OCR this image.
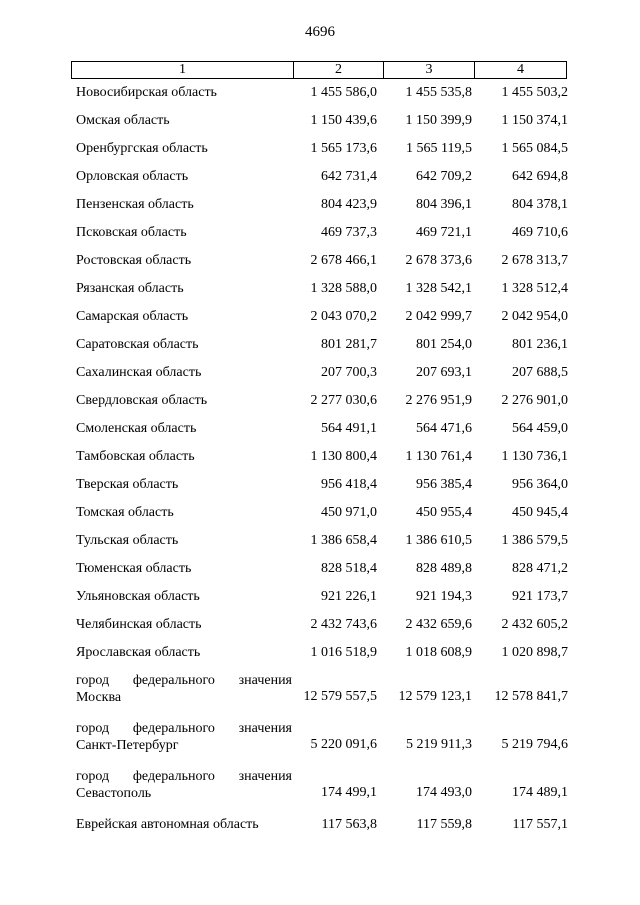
4696
1	2	3	4
Новосибирская область	1 455 586,0	1 455 535,8	1 455 503,2
Омская область	1 150 439,6	1 150 399,9	1 150 374,1
Оренбургская область	1 565 173,6	1 565 119,5	1 565 084,5
Орловская область	642 731,4	642 709,2	642 694,8
Пензенская область	804 423,9	804 396,1	804 378,1
Псковская область	469 737,3	469 721,1	469 710,6
Ростовская область	2 678 466,1	2 678 373,6	2 678 313,7
Рязанская область	1 328 588,0	1 328 542,1	1 328 512,4
Самарская область	2 043 070,2	2 042 999,7	2 042 954,0
Саратовская область	801 281,7	801 254,0	801 236,1
Сахалинская область	207 700,3	207 693,1	207 688,5
Свердловская область	2 277 030,6	2 276 951,9	2 276 901,0
Смоленская область	564 491,1	564 471,6	564 459,0
Тамбовская область	1 130 800,4	1 130 761,4	1 130 736,1
Тверская область	956 418,4	956 385,4	956 364,0
Томская область	450 971,0	450 955,4	450 945,4
Тульская область	1 386 658,4	1 386 610,5	1 386 579,5
Тюменская область	828 518,4	828 489,8	828 471,2
Ульяновская область	921 226,1	921 194,3	921 173,7
Челябинская область	2 432 743,6	2 432 659,6	2 432 605,2
Ярославская область	1 016 518,9	1 018 608,9	1 020 898,7
город федерального значения
Москва	12 579 557,5	12 579 123,1	12 578 841,7
город федерального значения
Санкт-Петербург	5 220 091,6	5 219 911,3	5 219 794,6
город федерального значения
Севастополь	174 499,1	174 493,0	174 489,1
Еврейская автономная область	117 563,8	117 559,8	117 557,1
